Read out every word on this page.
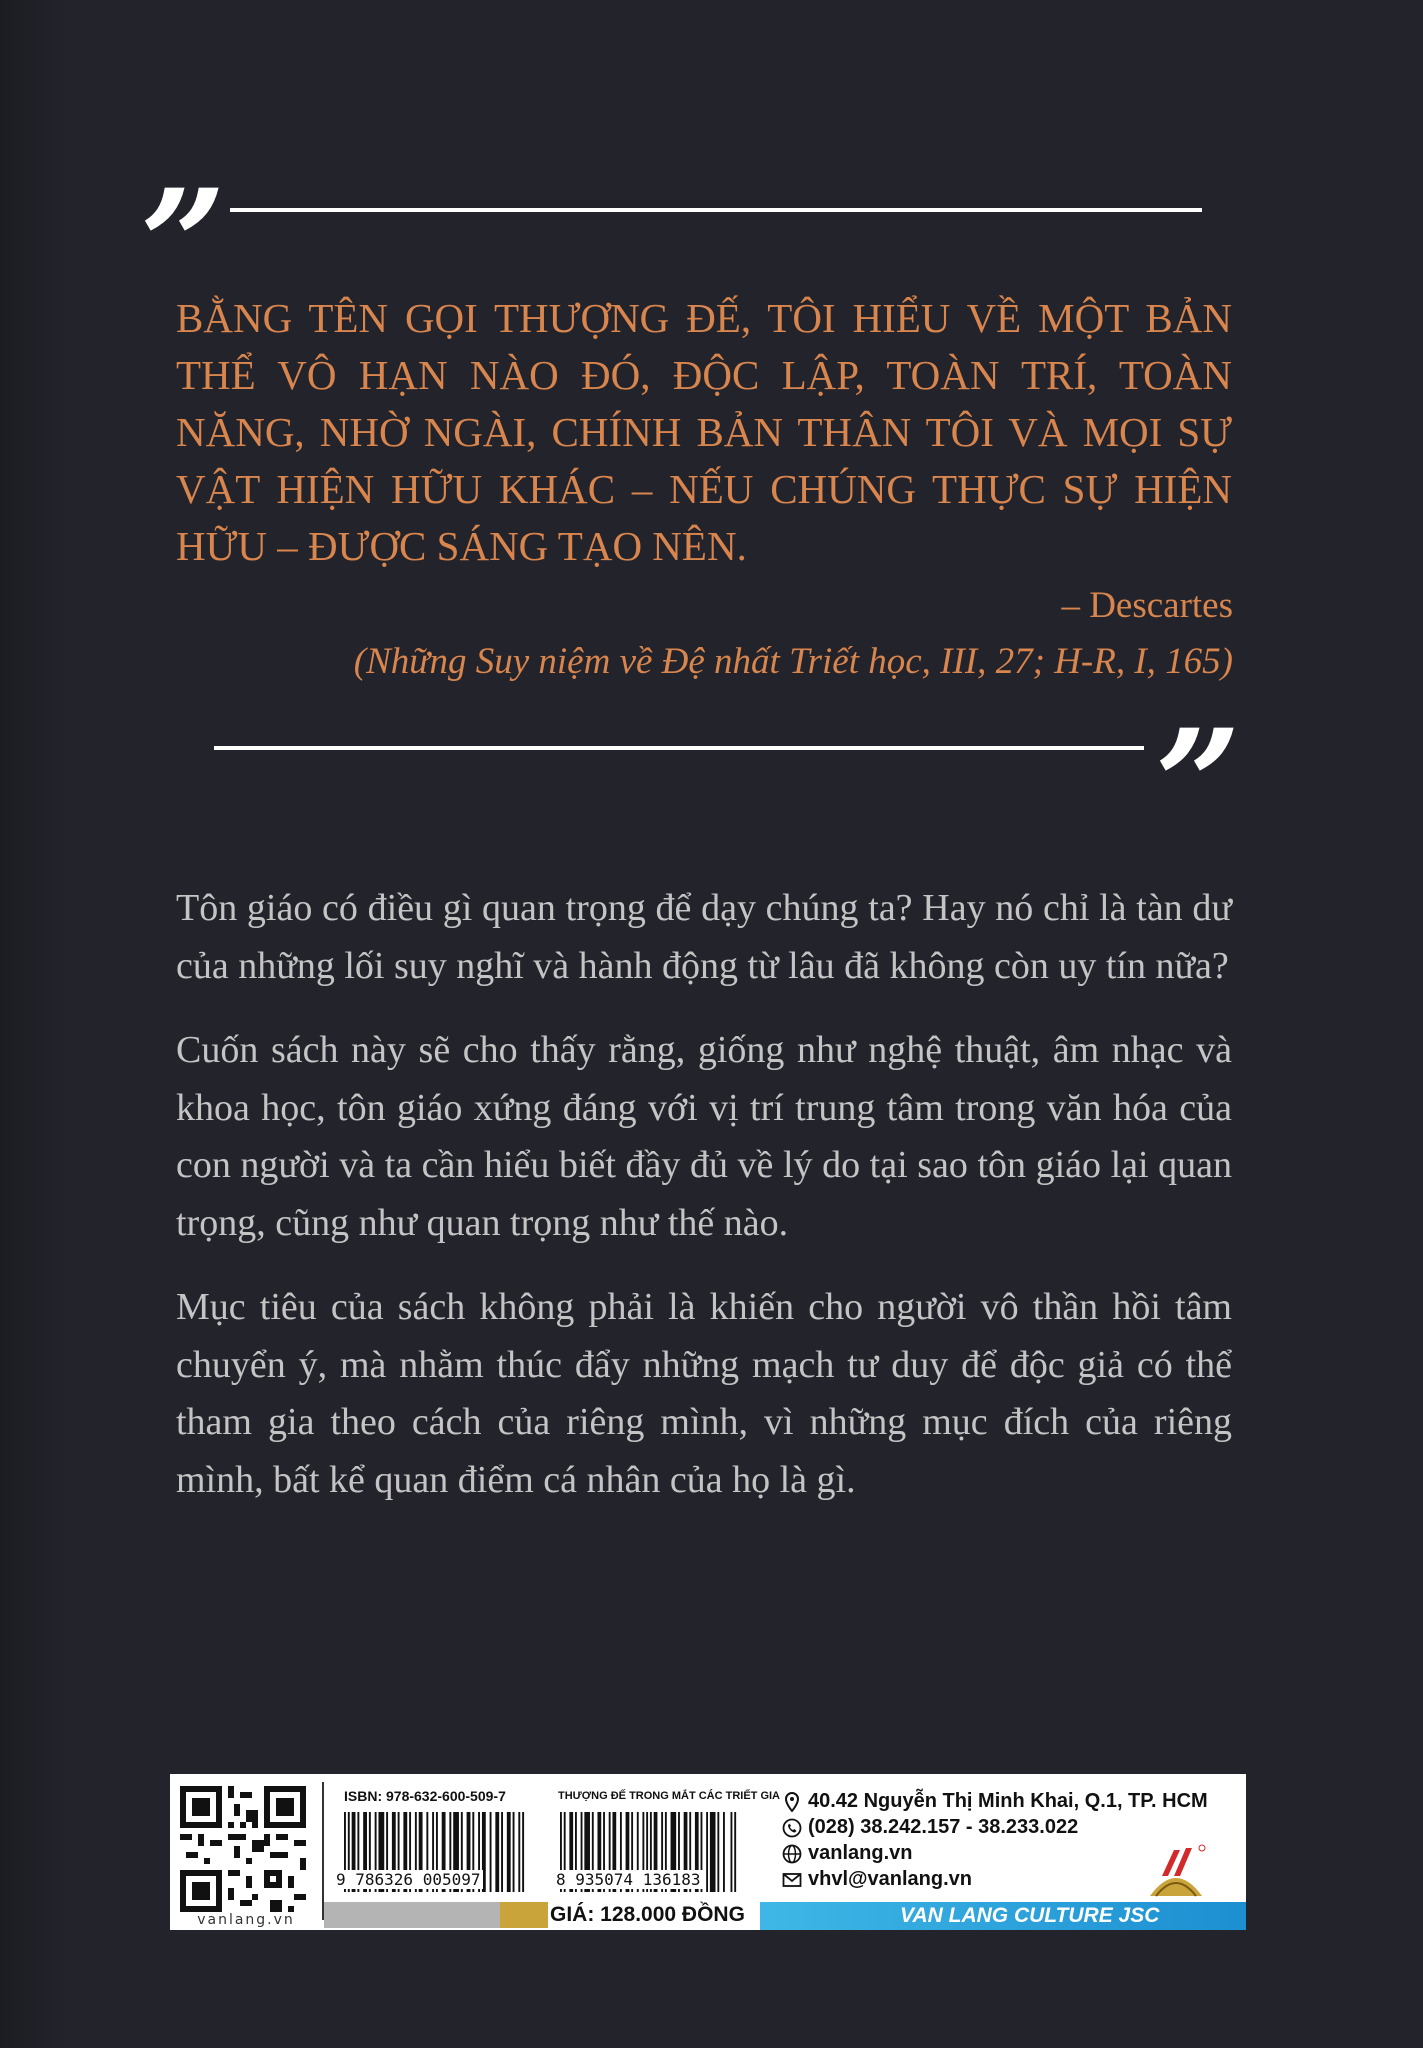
”

BẰNG TÊN GỌI THƯỢNG ĐẾ, TÔI HIỂU VỀ MỘT BẢN THỂ VÔ HẠN NÀO ĐÓ, ĐỘC LẬP, TOÀN TRÍ, TOÀN NĂNG, NHỜ NGÀI, CHÍNH BẢN THÂN TÔI VÀ MỌI SỰ VẬT HIỆN HỮU KHÁC – NẾU CHÚNG THỰC SỰ HIỆN HỮU – ĐƯỢC SÁNG TẠO NÊN.

– Descartes
(Những Suy niệm về Đệ nhất Triết học, III, 27; H-R, I, 165)
”

Tôn giáo có điều gì quan trọng để dạy chúng ta? Hay nó chỉ là tàn dư của những lối suy nghĩ và hành động từ lâu đã không còn uy tín nữa?

Cuốn sách này sẽ cho thấy rằng, giống như nghệ thuật, âm nhạc và khoa học, tôn giáo xứng đáng với vị trí trung tâm trong văn hóa của con người và ta cần hiểu biết đầy đủ về lý do tại sao tôn giáo lại quan trọng, cũng như quan trọng như thế nào.

Mục tiêu của sách không phải là khiến cho người vô thần hồi tâm chuyển ý, mà nhằm thúc đẩy những mạch tư duy để độc giả có thể tham gia theo cách của riêng mình, vì những mục đích của riêng mình, bất kể quan điểm cá nhân của họ là gì.

vanlang.vn
ISBN: 978-632-600-509-7	THƯỢNG ĐẾ TRONG MẮT CÁC TRIẾT GIA
9 786326 005097	8 935074 136183
GIÁ: 128.000 ĐỒNG
40.42 Nguyễn Thị Minh Khai, Q.1, TP. HCM
(028) 38.242.157 - 38.233.022
vanlang.vn
vhvl@vanlang.vn
VAN LANG CULTURE JSC
